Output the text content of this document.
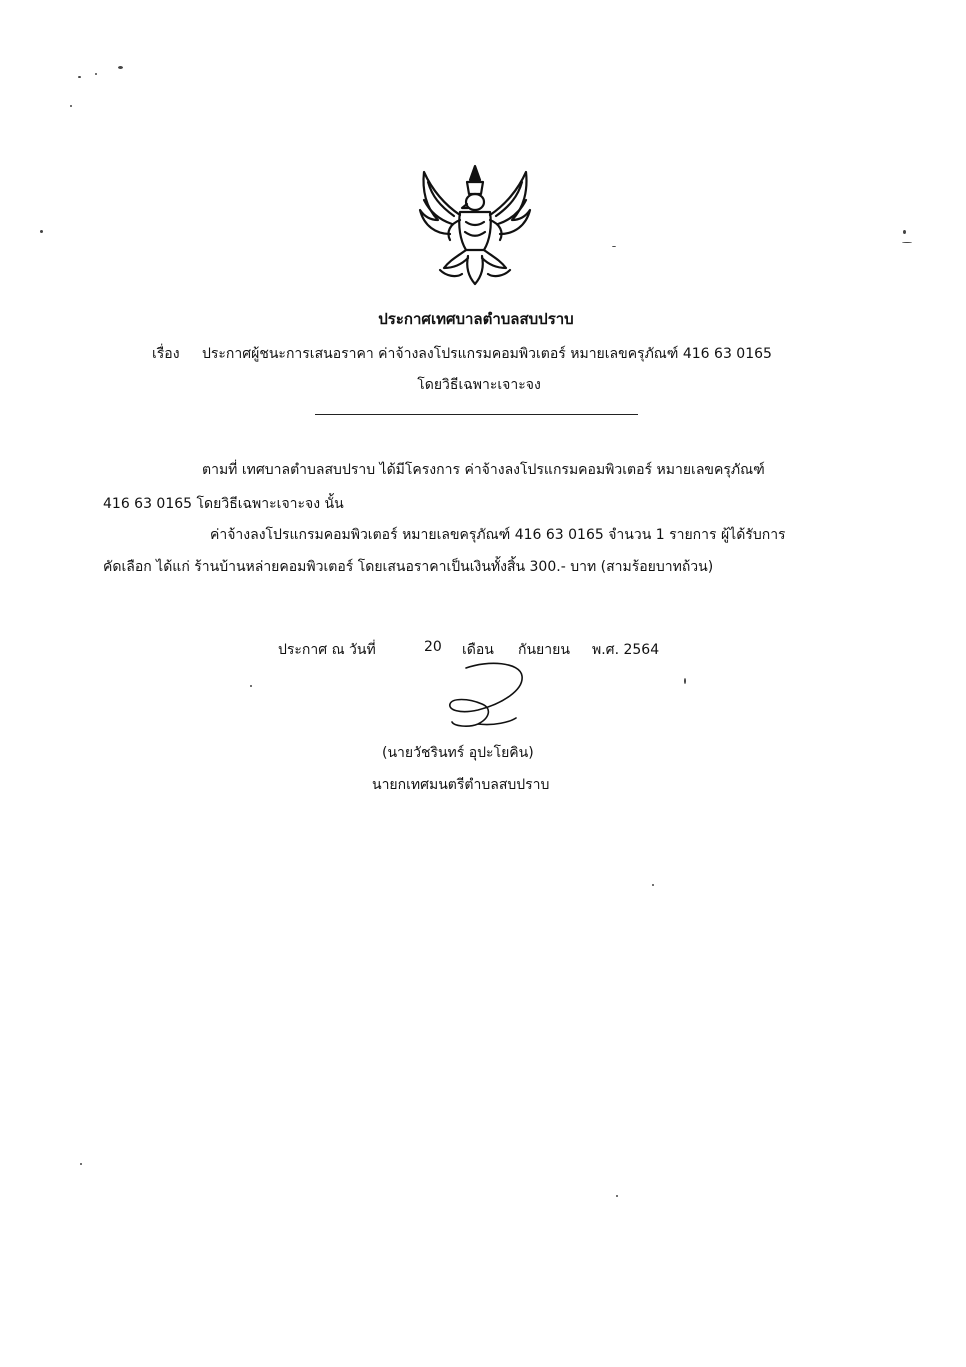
ประกาศเทศบาลตำบลสบปราบ
เรื่อง ประกาศผู้ชนะการเสนอราคา ค่าจ้างลงโปรแกรมคอมพิวเตอร์ หมายเลขครุภัณฑ์ 416 63 0165
โดยวิธีเฉพาะเจาะจง
ตามที่ เทศบาลตำบลสบปราบ ได้มีโครงการ ค่าจ้างลงโปรแกรมคอมพิวเตอร์ หมายเลขครุภัณฑ์
416 63 0165 โดยวิธีเฉพาะเจาะจง นั้น
ค่าจ้างลงโปรแกรมคอมพิวเตอร์ หมายเลขครุภัณฑ์ 416 63 0165 จำนวน 1 รายการ ผู้ได้รับการ
คัดเลือก ได้แก่ ร้านบ้านหล่ายคอมพิวเตอร์ โดยเสนอราคาเป็นเงินทั้งสิ้น 300.- บาท (สามร้อยบาทถ้วน)
ประกาศ ณ วันที่	20 เดือน กันยายน พ.ศ. 2564
(นายวัชรินทร์ อุปะโยคิน)
นายกเทศมนตรีตำบลสบปราบ
